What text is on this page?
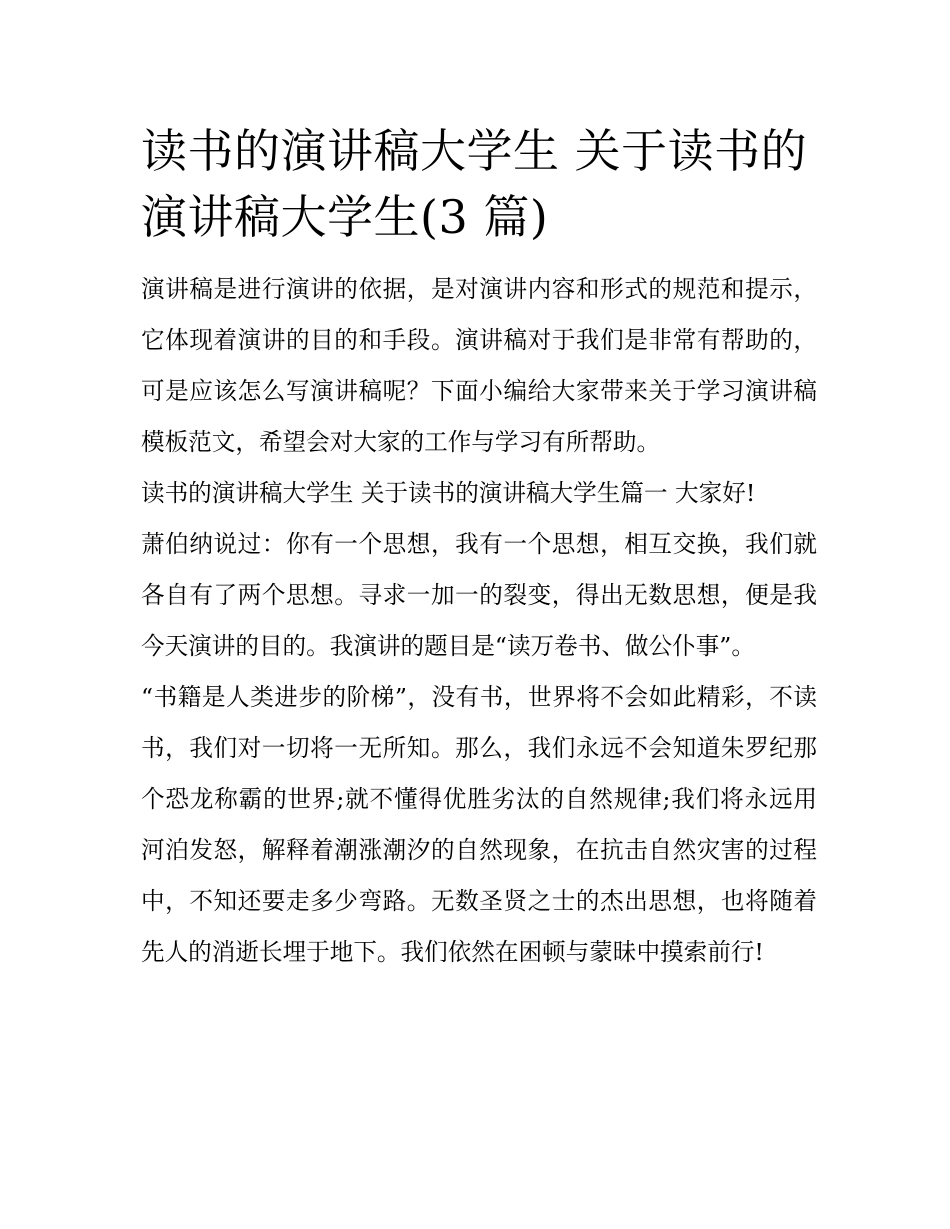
读书的演讲稿大学生 关于读书的演讲稿大学生(3 篇)

演讲稿是进行演讲的依据，是对演讲内容和形式的规范和提示，它体现着演讲的目的和手段。演讲稿对于我们是非常有帮助的，可是应该怎么写演讲稿呢？下面小编给大家带来关于学习演讲稿模板范文，希望会对大家的工作与学习有所帮助。

读书的演讲稿大学生 关于读书的演讲稿大学生篇一 大家好!

萧伯纳说过：你有一个思想，我有一个思想，相互交换，我们就各自有了两个思想。寻求一加一的裂变，得出无数思想，便是我今天演讲的目的。我演讲的题目是“读万卷书、做公仆事”。

“书籍是人类进步的阶梯”，没有书，世界将不会如此精彩，不读书，我们对一切将一无所知。那么，我们永远不会知道朱罗纪那个恐龙称霸的世界;就不懂得优胜劣汰的自然规律;我们将永远用河泊发怒，解释着潮涨潮汐的自然现象，在抗击自然灾害的过程中，不知还要走多少弯路。无数圣贤之士的杰出思想，也将随着先人的消逝长埋于地下。我们依然在困顿与蒙昧中摸索前行!
